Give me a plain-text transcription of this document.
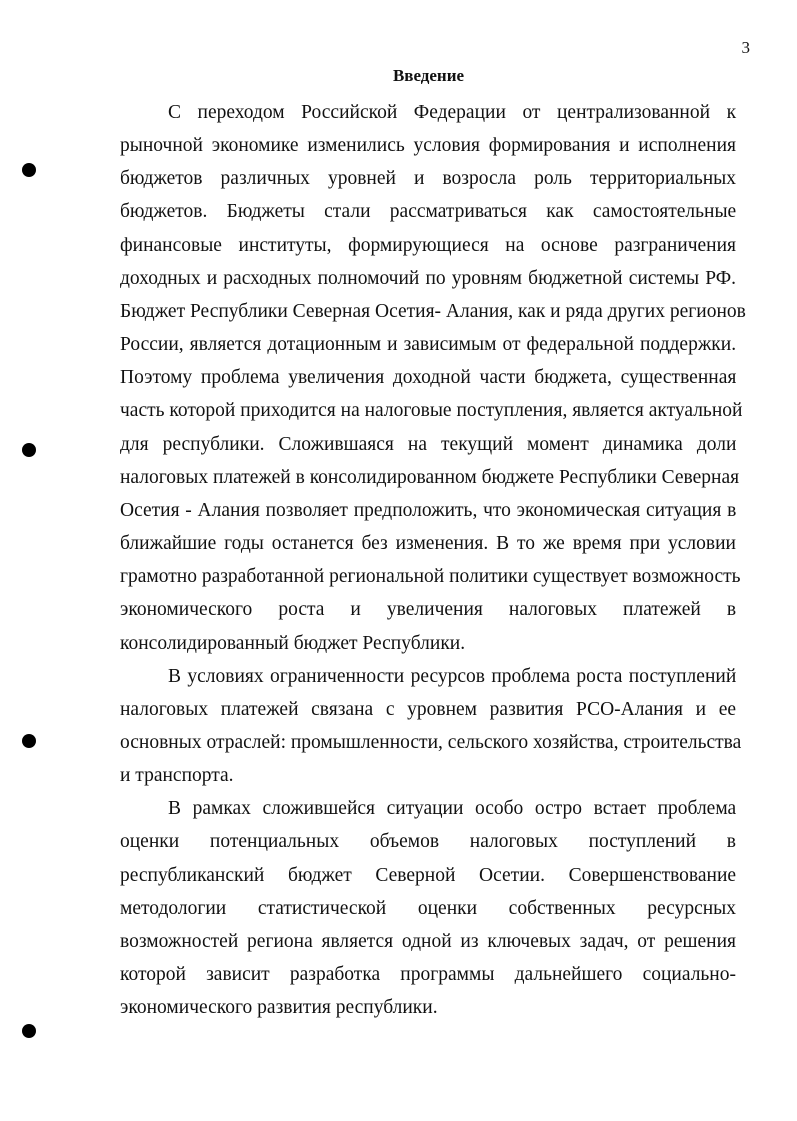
3
Введение
С переходом Российской Федерации от централизованной к
рыночной экономике изменились условия формирования и исполнения
бюджетов различных уровней и возросла роль территориальных
бюджетов. Бюджеты стали рассматриваться как самостоятельные
финансовые институты, формирующиеся на основе разграничения
доходных и расходных полномочий по уровням бюджетной системы РФ.
Бюджет Республики Северная Осетия- Алания, как и ряда других регионов
России, является дотационным и зависимым от федеральной поддержки.
Поэтому проблема увеличения доходной части бюджета, существенная
часть которой приходится на налоговые поступления, является актуальной
для республики. Сложившаяся на текущий момент динамика доли
налоговых платежей в консолидированном бюджете Республики Северная
Осетия - Алания позволяет предположить, что экономическая ситуация в
ближайшие годы останется без изменения. В то же время при условии
грамотно разработанной региональной политики существует возможность
экономического роста и увеличения налоговых платежей в
консолидированный бюджет Республики.
В условиях ограниченности ресурсов проблема роста поступлений
налоговых платежей связана с уровнем развития РСО-Алания и ее
основных отраслей: промышленности, сельского хозяйства, строительства
и транспорта.
В рамках сложившейся ситуации особо остро встает проблема
оценки потенциальных объемов налоговых поступлений в
республиканский бюджет Северной Осетии. Совершенствование
методологии статистической оценки собственных ресурсных
возможностей региона является одной из ключевых задач, от решения
которой зависит разработка программы дальнейшего социально-
экономического развития республики.
